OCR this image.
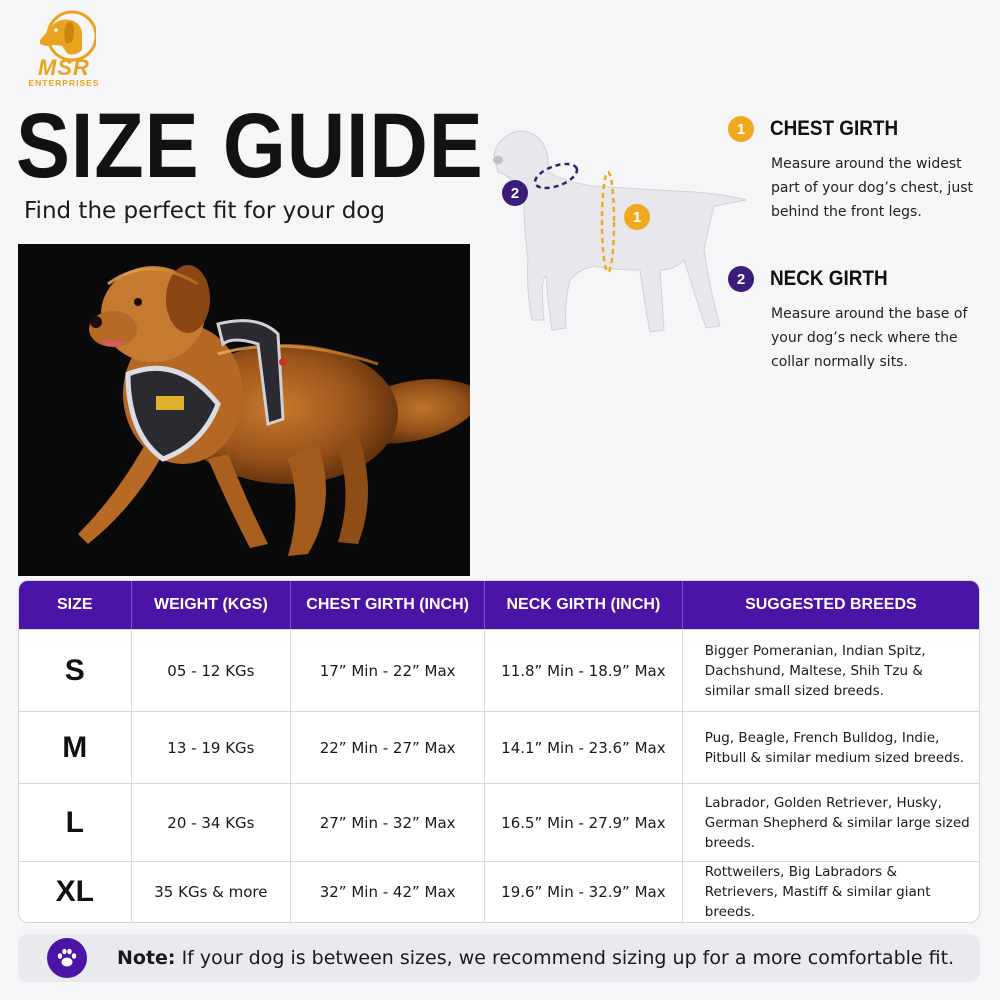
MSR
ENTERPRISES
SIZE GUIDE
Find the perfect fit for your dog
2
1
1	CHEST GIRTH
Measure around the widest part of your dog’s chest, just behind the front legs.
2	NECK GIRTH
Measure around the base of your dog’s neck where the collar normally sits.
SIZE	WEIGHT (KGS)	CHEST GIRTH (INCH)	NECK GIRTH (INCH)	SUGGESTED BREEDS
S	05 - 12 KGs	17” Min - 22” Max	11.8” Min - 18.9” Max	Bigger Pomeranian, Indian Spitz, Dachshund, Maltese, Shih Tzu & similar small sized breeds.
M	13 - 19 KGs	22” Min - 27” Max	14.1” Min - 23.6” Max	Pug, Beagle, French Bulldog, Indie, Pitbull & similar medium sized breeds.
L	20 - 34 KGs	27” Min - 32” Max	16.5” Min - 27.9” Max	Labrador, Golden Retriever, Husky, German Shepherd & similar large sized breeds.
XL	35 KGs & more	32” Min - 42” Max	19.6” Min - 32.9” Max	Rottweilers, Big Labradors & Retrievers, Mastiff & similar giant breeds.
Note: If your dog is between sizes, we recommend sizing up for a more comfortable fit.
